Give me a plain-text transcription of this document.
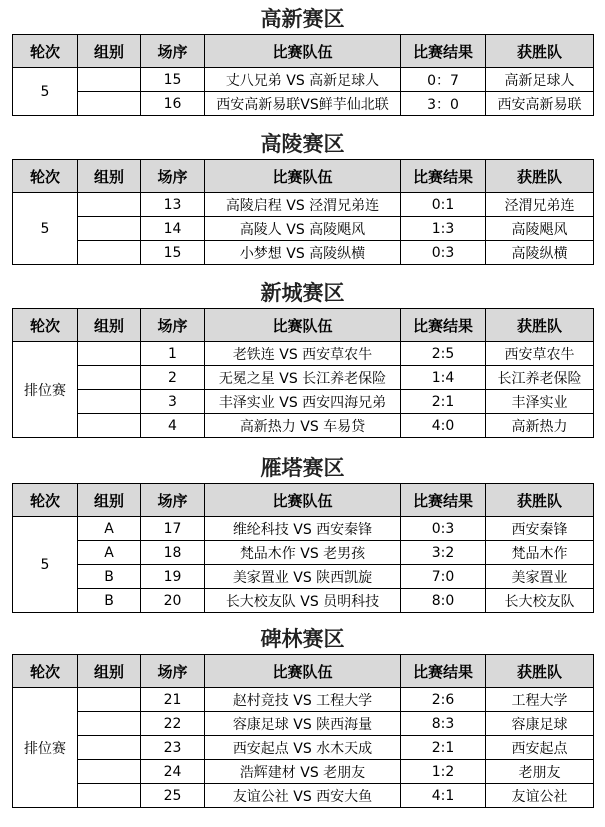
高新赛区
轮次	组别	场序	比赛队伍	比赛结果	获胜队
5		15	丈八兄弟 VS 高新足球人	0：7	高新足球人
		16	西安高新易联VS鲜芋仙北联	3：0	西安高新易联
高陵赛区
轮次	组别	场序	比赛队伍	比赛结果	获胜队
5		13	高陵启程 VS 泾渭兄弟连	0:1	泾渭兄弟连
		14	高陵人 VS 高陵飓风	1:3	高陵飓风
		15	小梦想 VS 高陵纵横	0:3	高陵纵横
新城赛区
轮次	组别	场序	比赛队伍	比赛结果	获胜队
排位赛		1	老铁连 VS 西安草农牛	2:5	西安草农牛
		2	无冕之星 VS 长江养老保险	1:4	长江养老保险
		3	丰泽实业 VS 西安四海兄弟	2:1	丰泽实业
		4	高新热力 VS 车易贷	4:0	高新热力
雁塔赛区
轮次	组别	场序	比赛队伍	比赛结果	获胜队
5	A	17	维纶科技 VS 西安秦锋	0:3	西安秦锋
	A	18	梵品木作 VS 老男孩	3:2	梵品木作
	B	19	美家置业 VS 陕西凯旋	7:0	美家置业
	B	20	长大校友队 VS 员明科技	8:0	长大校友队
碑林赛区
轮次	组别	场序	比赛队伍	比赛结果	获胜队
排位赛		21	赵村竞技 VS 工程大学	2:6	工程大学
		22	容康足球 VS 陕西海量	8:3	容康足球
		23	西安起点 VS 水木天成	2:1	西安起点
		24	浩辉建材 VS 老朋友	1:2	老朋友
		25	友谊公社 VS 西安大鱼	4:1	友谊公社
